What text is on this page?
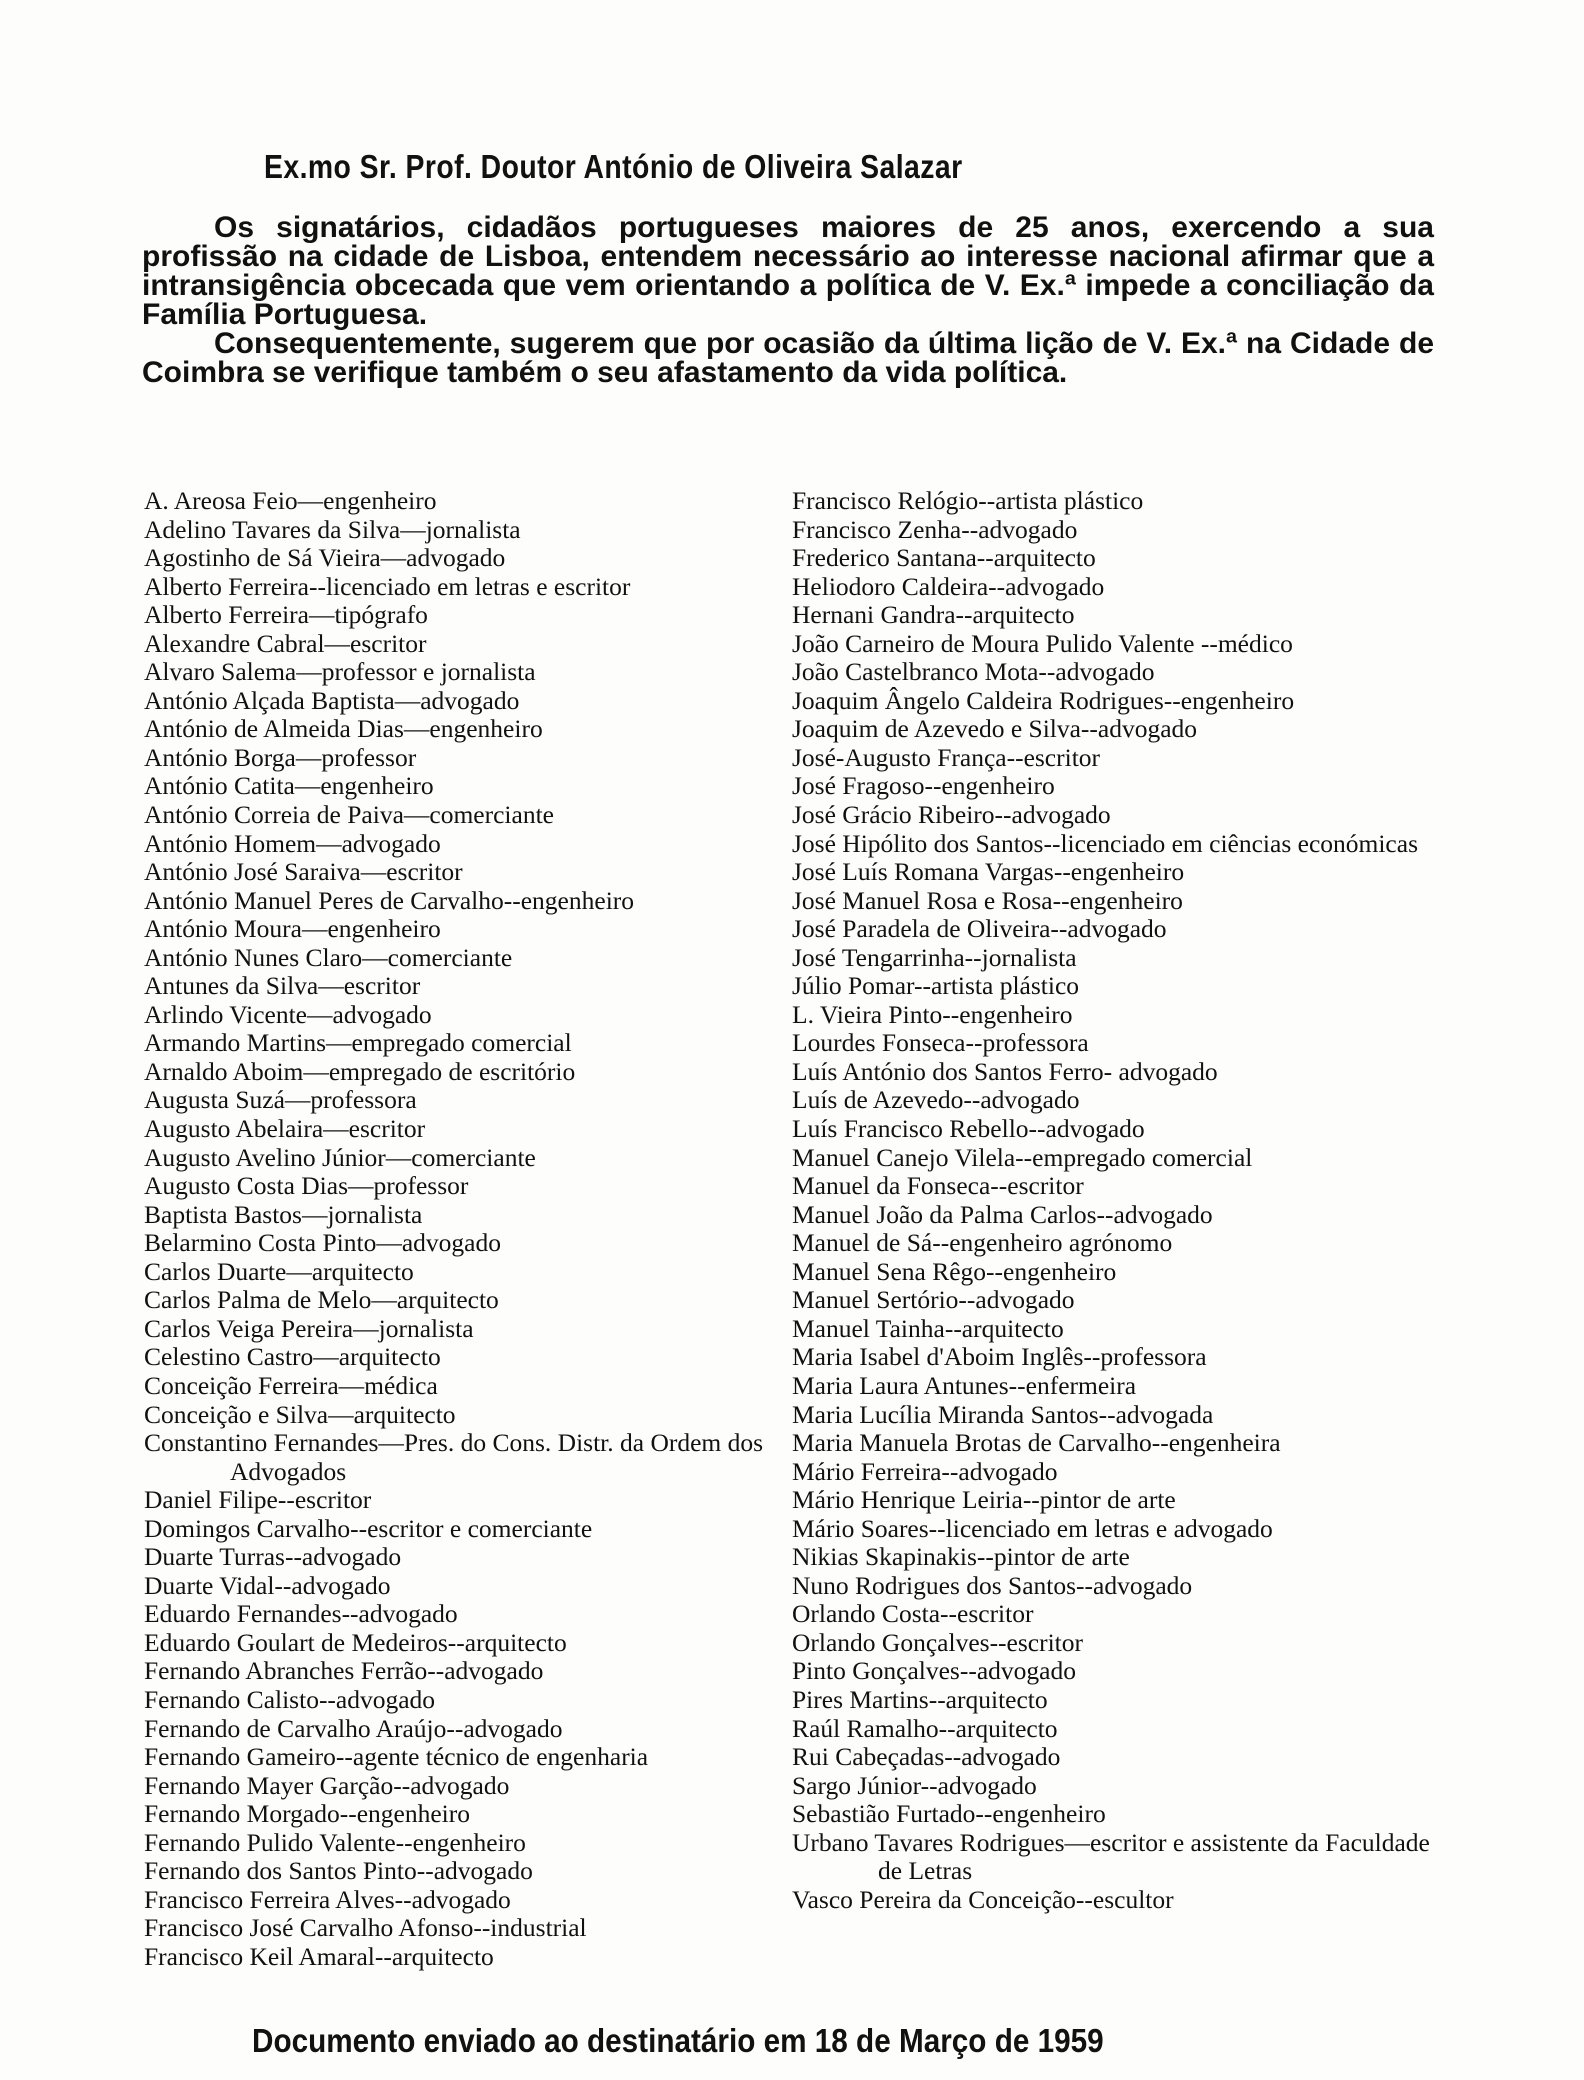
Ex.mo Sr. Prof. Doutor António de Oliveira Salazar

Os signatários, cidadãos portugueses maiores de 25 anos, exercendo a sua profissão na cidade de Lisboa, entendem necessário ao interesse nacional afirmar que a intransigência obcecada que vem orientando a política de V. Ex.ª impede a conciliação da Família Portuguesa.

Consequentemente, sugerem que por ocasião da última lição de V. Ex.ª na Cidade de Coimbra se verifique também o seu afastamento da vida política.

A. Areosa Feio—engenheiro

Adelino Tavares da Silva—jornalista

Agostinho de Sá Vieira—advogado

Alberto Ferreira--licenciado em letras e escritor

Alberto Ferreira—tipógrafo

Alexandre Cabral—escritor

Alvaro Salema—professor e jornalista

António Alçada Baptista—advogado

António de Almeida Dias—engenheiro

António Borga—professor

António Catita—engenheiro

António Correia de Paiva—comerciante

António Homem—advogado

António José Saraiva—escritor

António Manuel Peres de Carvalho--engenheiro

António Moura—engenheiro

António Nunes Claro—comerciante

Antunes da Silva—escritor

Arlindo Vicente—advogado

Armando Martins—empregado comercial

Arnaldo Aboim—empregado de escritório

Augusta Suzá—professora

Augusto Abelaira—escritor

Augusto Avelino Júnior—comerciante

Augusto Costa Dias—professor

Baptista Bastos—jornalista

Belarmino Costa Pinto—advogado

Carlos Duarte—arquitecto

Carlos Palma de Melo—arquitecto

Carlos Veiga Pereira—jornalista

Celestino Castro—arquitecto

Conceição Ferreira—médica

Conceição e Silva—arquitecto

Constantino Fernandes—Pres. do Cons. Distr. da Ordem dos Advogados

Daniel Filipe--escritor

Domingos Carvalho--escritor e comerciante

Duarte Turras--advogado

Duarte Vidal--advogado

Eduardo Fernandes--advogado

Eduardo Goulart de Medeiros--arquitecto

Fernando Abranches Ferrão--advogado

Fernando Calisto--advogado

Fernando de Carvalho Araújo--advogado

Fernando Gameiro--agente técnico de engenharia

Fernando Mayer Garção--advogado

Fernando Morgado--engenheiro

Fernando Pulido Valente--engenheiro

Fernando dos Santos Pinto--advogado

Francisco Ferreira Alves--advogado

Francisco José Carvalho Afonso--industrial

Francisco Keil Amaral--arquitecto

Francisco Relógio--artista plástico

Francisco Zenha--advogado

Frederico Santana--arquitecto

Heliodoro Caldeira--advogado

Hernani Gandra--arquitecto

João Carneiro de Moura Pulido Valente --médico

João Castelbranco Mota--advogado

Joaquim Ângelo Caldeira Rodrigues--engenheiro

Joaquim de Azevedo e Silva--advogado

José-Augusto França--escritor

José Fragoso--engenheiro

José Grácio Ribeiro--advogado

José Hipólito dos Santos--licenciado em ciências económicas

José Luís Romana Vargas--engenheiro

José Manuel Rosa e Rosa--engenheiro

José Paradela de Oliveira--advogado

José Tengarrinha--jornalista

Júlio Pomar--artista plástico

L. Vieira Pinto--engenheiro

Lourdes Fonseca--professora

Luís António dos Santos Ferro- advogado

Luís de Azevedo--advogado

Luís Francisco Rebello--advogado

Manuel Canejo Vilela--empregado comercial

Manuel da Fonseca--escritor

Manuel João da Palma Carlos--advogado

Manuel de Sá--engenheiro agrónomo

Manuel Sena Rêgo--engenheiro

Manuel Sertório--advogado

Manuel Tainha--arquitecto

Maria Isabel d'Aboim Inglês--professora

Maria Laura Antunes--enfermeira

Maria Lucília Miranda Santos--advogada

Maria Manuela Brotas de Carvalho--engenheira

Mário Ferreira--advogado

Mário Henrique Leiria--pintor de arte

Mário Soares--licenciado em letras e advogado

Nikias Skapinakis--pintor de arte

Nuno Rodrigues dos Santos--advogado

Orlando Costa--escritor

Orlando Gonçalves--escritor

Pinto Gonçalves--advogado

Pires Martins--arquitecto

Raúl Ramalho--arquitecto

Rui Cabeçadas--advogado

Sargo Júnior--advogado

Sebastião Furtado--engenheiro

Urbano Tavares Rodrigues—escritor e assistente da Faculdade de Letras

Vasco Pereira da Conceição--escultor

Documento enviado ao destinatário em 18 de Março de 1959
